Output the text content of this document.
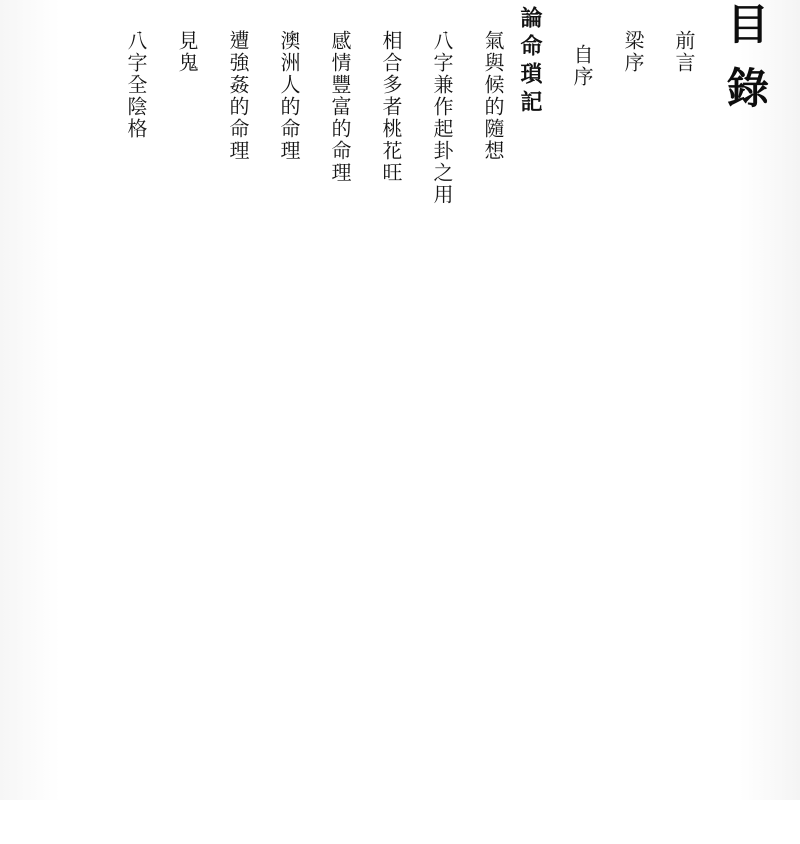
目錄
前言
梁序
自序
論命瑣記
氣與候的隨想
八字兼作起卦之用
相合多者桃花旺
感情豐富的命理
澳洲人的命理
遭強姦的命理
見鬼
八字全陰格
